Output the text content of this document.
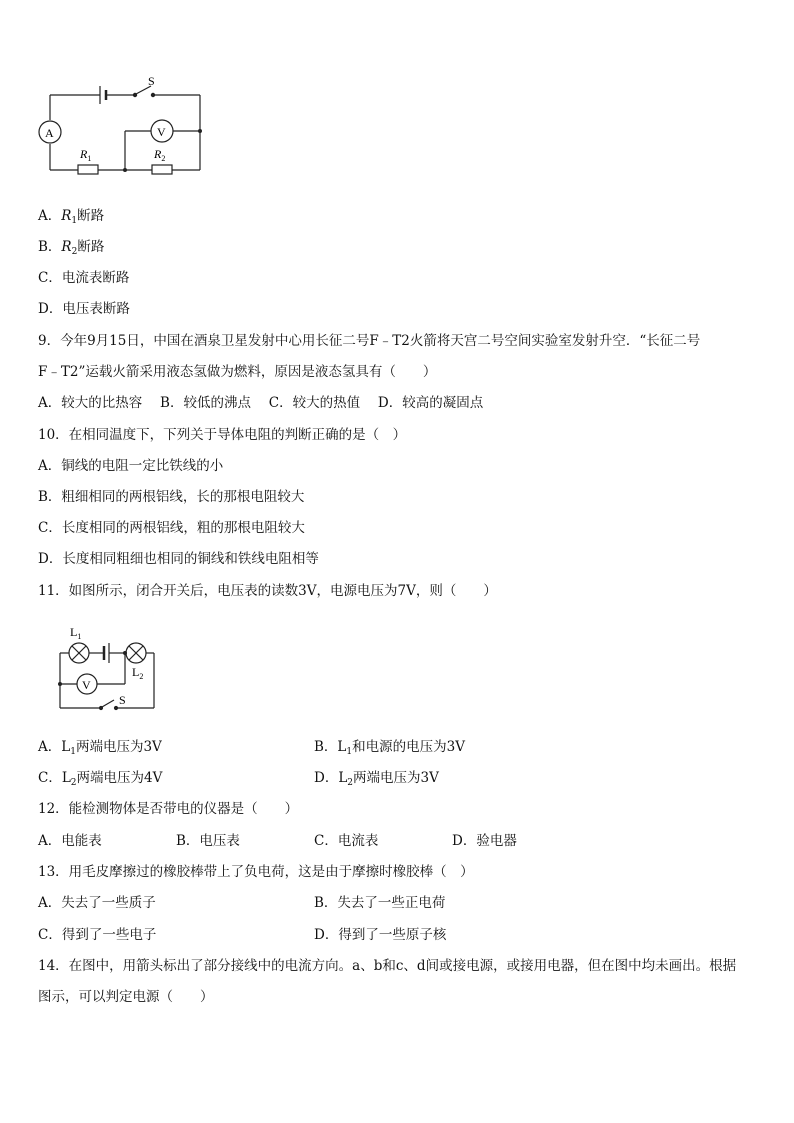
S
A	V
$R_1$	$R_2$
A．$R_1$断路
B．$R_2$断路
C．电流表断路
D．电压表断路
9．今年9月15日，中国在酒泉卫星发射中心用长征二号F﹣T2火箭将天宫二号空间实验室发射升空．“长征二号
F﹣T2”运载火箭采用液态氢做为燃料，原因是液态氢具有（　　）
A．较大的比热容　 B．较低的沸点　 C．较大的热值　 D．较高的凝固点
10．在相同温度下，下列关于导体电阻的判断正确的是（　）
A．铜线的电阻一定比铁线的小
B．粗细相同的两根铝线，长的那根电阻较大
C．长度相同的两根铝线，粗的那根电阻较大
D．长度相同粗细也相同的铜线和铁线电阻相等
11．如图所示，闭合开关后，电压表的读数3V，电源电压为7V，则（　　）
$L_1$
$L_2$
V
S
A．$L_1$两端电压为3V	B．$L_1$和电源的电压为3V
C．$L_2$两端电压为4V	D．$L_2$两端电压为3V
12．能检测物体是否带电的仪器是（　　）
A．电能表	B．电压表	C．电流表	D．验电器
13．用毛皮摩擦过的橡胶棒带上了负电荷，这是由于摩擦时橡胶棒（　）
A．失去了一些质子	B．失去了一些正电荷
C．得到了一些电子	D．得到了一些原子核
14．在图中，用箭头标出了部分接线中的电流方向。a、b和c、d间或接电源，或接用电器，但在图中均未画出。根据
图示，可以判定电源（　　）
